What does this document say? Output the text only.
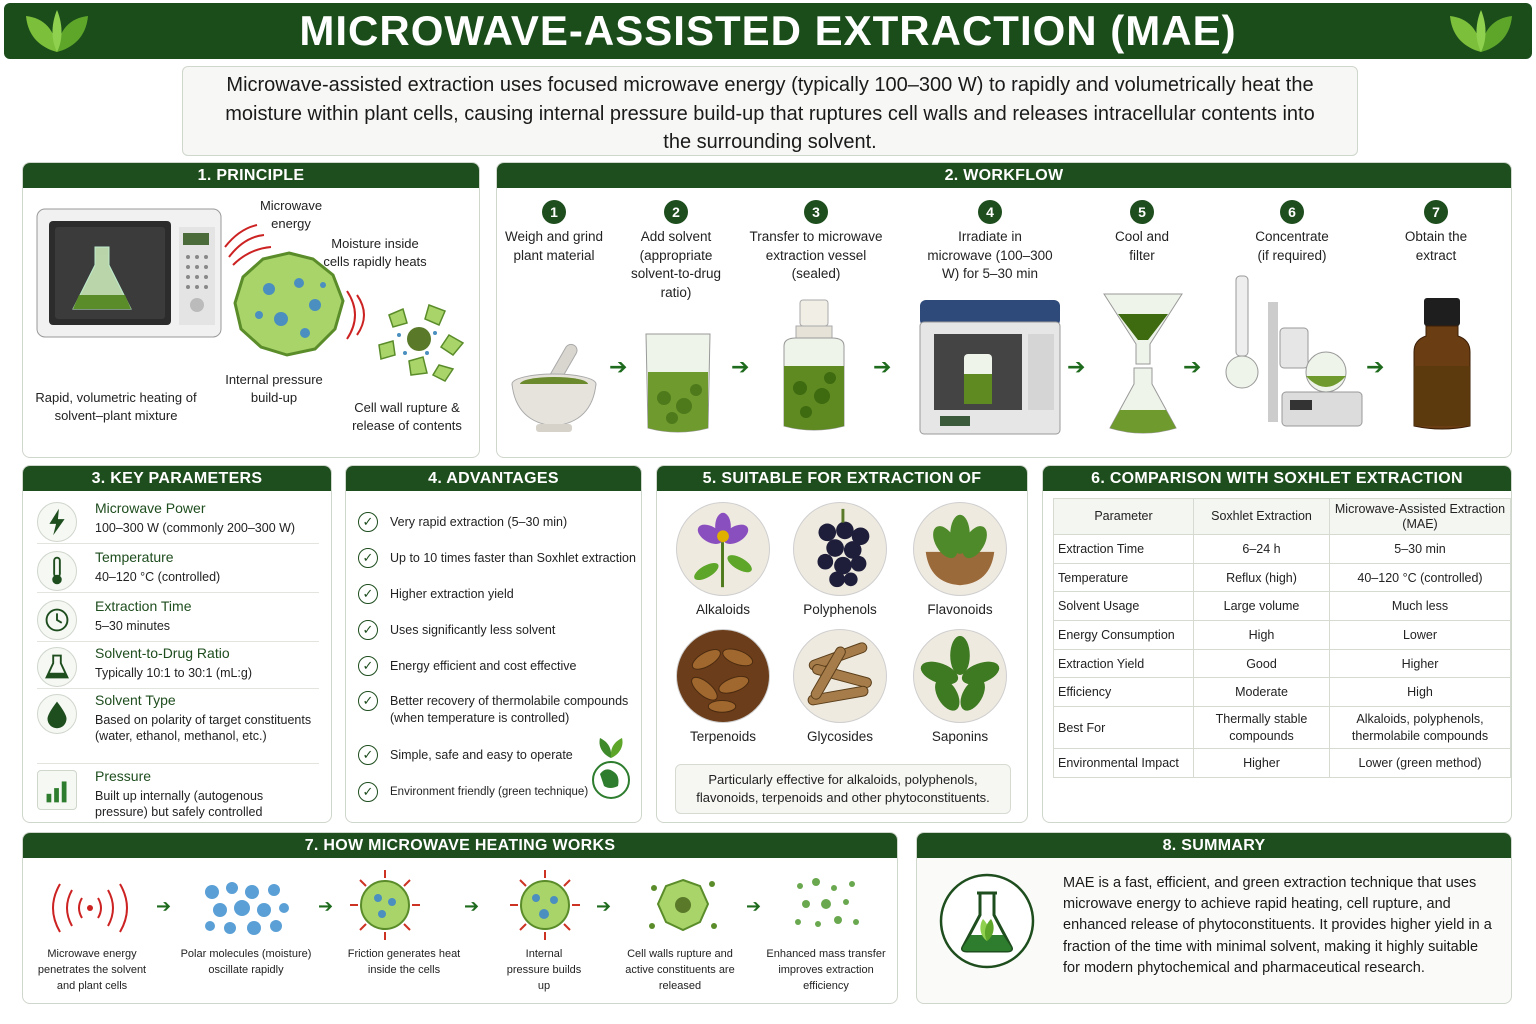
MICROWAVE-ASSISTED EXTRACTION (MAE)
Microwave-assisted extraction uses focused microwave energy (typically 100–300 W) to rapidly and volumetrically heat the moisture within plant cells, causing internal pressure build-up that ruptures cell walls and releases intracellular contents into the surrounding solvent.
1. PRINCIPLE
Microwave energy
Moisture inside cells rapidly heats
Rapid, volumetric heating of solvent–plant mixture
Internal pressure build-up
Cell wall rupture & release of contents
2. WORKFLOW
1
Weigh and grind plant material
2
Add solvent (appropriate solvent-to-drug ratio)
3
Transfer to microwave extraction vessel (sealed)
4
Irradiate in microwave (100–300 W) for 5–30 min
5
Cool and filter
6
Concentrate (if required)
7
Obtain the extract
➔	➔	➔	➔	➔	➔
3. KEY PARAMETERS
Microwave Power
100–300 W (commonly 200–300 W)
Temperature
40–120 °C (controlled)
Extraction Time
5–30 minutes
Solvent-to-Drug Ratio
Typically 10:1 to 30:1 (mL:g)
Solvent Type
Based on polarity of target constituents (water, ethanol, methanol, etc.)
Pressure
Built up internally (autogenous pressure) but safely controlled
4. ADVANTAGES
✓	Very rapid extraction (5–30 min)
✓	Up to 10 times faster than Soxhlet extraction
✓	Higher extraction yield
✓	Uses significantly less solvent
✓	Energy efficient and cost effective
✓	Better recovery of thermolabile compounds (when temperature is controlled)
✓	Simple, safe and easy to operate
✓	Environment friendly (green technique)
5. SUITABLE FOR EXTRACTION OF
Alkaloids	Polyphenols	Flavonoids
Terpenoids	Glycosides	Saponins
Particularly effective for alkaloids, polyphenols, flavonoids, terpenoids and other phytoconstituents.
6. COMPARISON WITH SOXHLET EXTRACTION
Parameter	Soxhlet Extraction	Microwave-Assisted Extraction (MAE)
Extraction Time	6–24 h	5–30 min
Temperature	Reflux (high)	40–120 °C (controlled)
Solvent Usage	Large volume	Much less
Energy Consumption	High	Lower
Extraction Yield	Good	Higher
Efficiency	Moderate	High
Best For	Thermally stable compounds	Alkaloids, polyphenols, thermolabile compounds
Environmental Impact	Higher	Lower (green method)
7. HOW MICROWAVE HEATING WORKS
➔	➔	➔	➔	➔
Microwave energy penetrates the solvent and plant cells
Polar molecules (moisture) oscillate rapidly
Friction generates heat inside the cells
Internal pressure builds up
Cell walls rupture and active constituents are released
Enhanced mass transfer improves extraction efficiency
8. SUMMARY
MAE is a fast, efficient, and green extraction technique that uses microwave energy to achieve rapid heating, cell rupture, and enhanced release of phytoconstituents. It provides higher yield in a fraction of the time with minimal solvent, making it highly suitable for modern phytochemical and pharmaceutical research.
